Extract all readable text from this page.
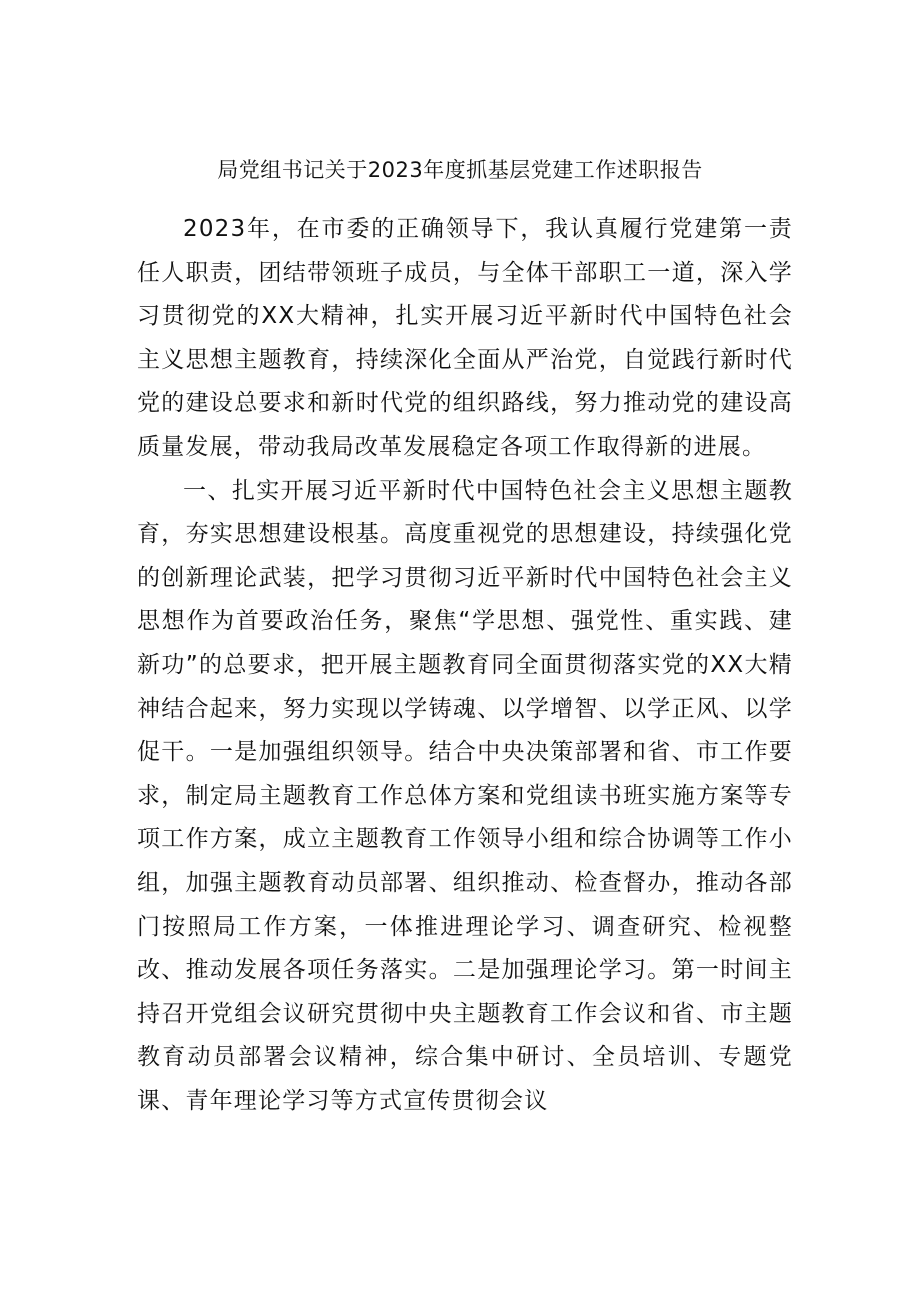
局党组书记关于2023年度抓基层党建工作述职报告

2023年，在市委的正确领导下，我认真履行党建第一责任人职责，团结带领班子成员，与全体干部职工一道，深入学习贯彻党的XX大精神，扎实开展习近平新时代中国特色社会主义思想主题教育，持续深化全面从严治党，自觉践行新时代党的建设总要求和新时代党的组织路线，努力推动党的建设高质量发展，带动我局改革发展稳定各项工作取得新的进展。

一、扎实开展习近平新时代中国特色社会主义思想主题教育，夯实思想建设根基。高度重视党的思想建设，持续强化党的创新理论武装，把学习贯彻习近平新时代中国特色社会主义思想作为首要政治任务，聚焦“学思想、强党性、重实践、建新功”的总要求，把开展主题教育同全面贯彻落实党的XX大精神结合起来，努力实现以学铸魂、以学增智、以学正风、以学促干。一是加强组织领导。结合中央决策部署和省、市工作要求，制定局主题教育工作总体方案和党组读书班实施方案等专项工作方案，成立主题教育工作领导小组和综合协调等工作小组，加强主题教育动员部署、组织推动、检查督办，推动各部门按照局工作方案，一体推进理论学习、调查研究、检视整改、推动发展各项任务落实。二是加强理论学习。第一时间主持召开党组会议研究贯彻中央主题教育工作会议和省、市主题教育动员部署会议精神，综合集中研讨、全员培训、专题党课、青年理论学习等方式宣传贯彻会议
